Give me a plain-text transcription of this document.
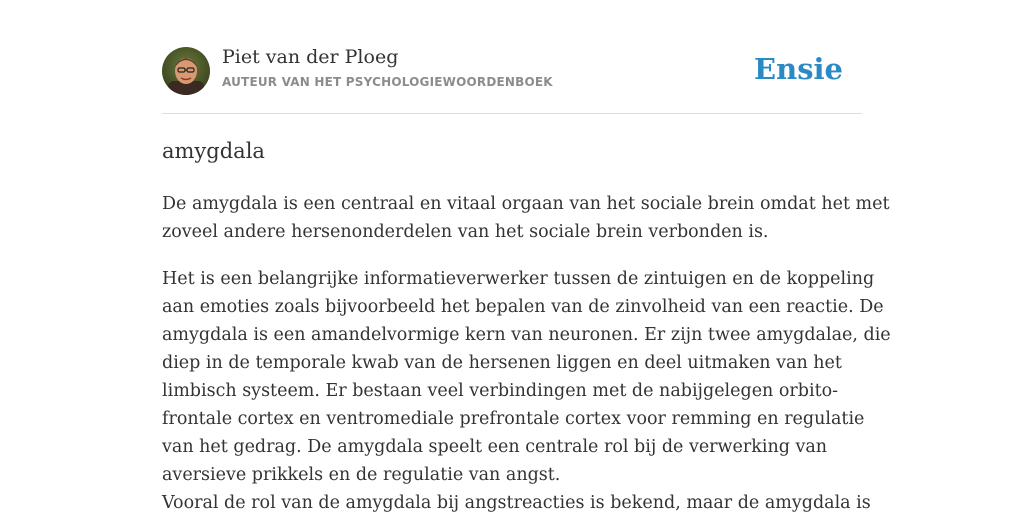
Piet van der Ploeg
AUTEUR VAN HET PSYCHOLOGIEWOORDENBOEK	Ensie
amygdala

De amygdala is een centraal en vitaal orgaan van het sociale brein omdat het met
zoveel andere hersenonderdelen van het sociale brein verbonden is.

Het is een belangrijke informatieverwerker tussen de zintuigen en de koppeling
aan emoties zoals bijvoorbeeld het bepalen van de zinvolheid van een reactie. De
amygdala is een amandelvormige kern van neuronen. Er zijn twee amygdalae, die
diep in de temporale kwab van de hersenen liggen en deel uitmaken van het
limbisch systeem. Er bestaan veel verbindingen met de nabijgelegen orbito-
frontale cortex en ventromediale prefrontale cortex voor remming en regulatie
van het gedrag. De amygdala speelt een centrale rol bij de verwerking van
aversieve prikkels en de regulatie van angst.
Vooral de rol van de amygdala bij angstreacties is bekend, maar de amygdala is
